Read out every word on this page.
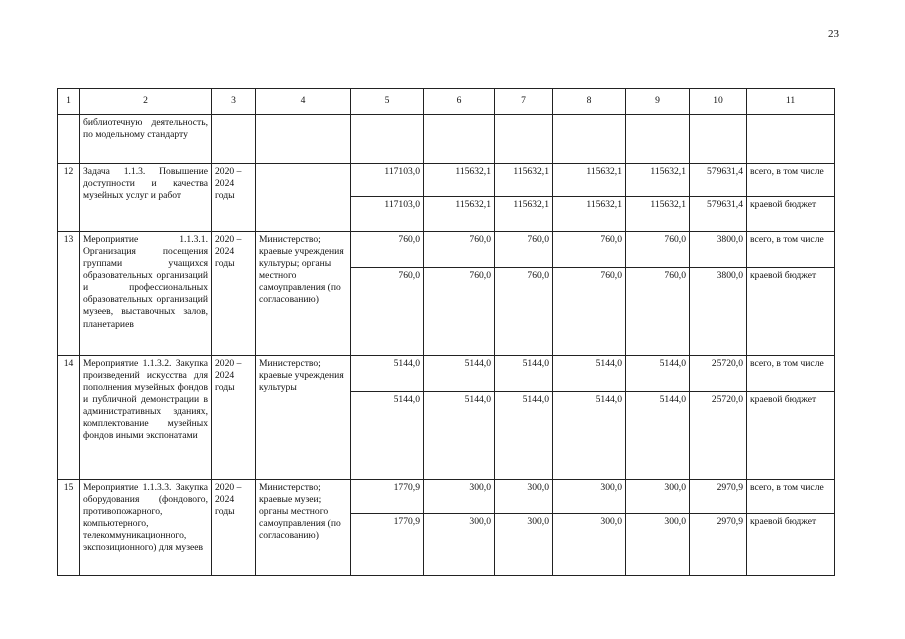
23
1	2	3	4	5	6	7	8	9	10	11
	библиотечную деятельность, по модельному стандарту									
12	Задача 1.1.3. Повышение доступности и качества музейных услуг и работ	2020 – 2024 годы		117103,0	115632,1	115632,1	115632,1	115632,1	579631,4	всего, в том числе
				117103,0	115632,1	115632,1	115632,1	115632,1	579631,4	краевой бюджет
13	Мероприятие 1.1.3.1. Организация посещения группами учащихся образовательных организаций и профессиональных образовательных организаций музеев, выставочных залов, планетариев	2020 – 2024 годы	Министерство; краевые учреждения культуры; органы местного самоуправления (по согласованию)	760,0	760,0	760,0	760,0	760,0	3800,0	всего, в том числе
				760,0	760,0	760,0	760,0	760,0	3800,0	краевой бюджет
14	Мероприятие 1.1.3.2. Закупка произведений искусства для пополнения музейных фондов и публичной демонстрации в административных зданиях, комплектование музейных фондов иными экспонатами	2020 – 2024 годы	Министерство; краевые учреждения культуры	5144,0	5144,0	5144,0	5144,0	5144,0	25720,0	всего, в том числе
				5144,0	5144,0	5144,0	5144,0	5144,0	25720,0	краевой бюджет
15	Мероприятие 1.1.3.3. Закупка оборудования (фондового, противопожарного, компьютерного, телекоммуникационного, экспозиционного) для музеев	2020 – 2024 годы	Министерство; краевые музеи; органы местного самоуправления (по согласованию)	1770,9	300,0	300,0	300,0	300,0	2970,9	всего, в том числе
				1770,9	300,0	300,0	300,0	300,0	2970,9	краевой бюджет
